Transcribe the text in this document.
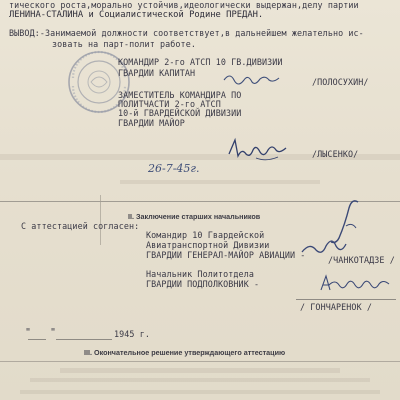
тического роста,морально устойчив,идеологически выдержан,делу партии
ЛЕНИНА-СТАЛИНА и Социалистической Родине ПРЕДАН.
ВЫВОД:-Занимаемой должности соответствует,в дальнейшем желательно ис-
зовать на парт-полит работе.
КОМАНДИР 2-го АТСП 10 ГВ.ДИВИЗИИ
ГВАРДИИ КАПИТАН
/ПОЛОСУХИН/
ЗАМЕСТИТЕЛЬ КОМАНДИРА ПО
ПОЛИТЧАСТИ 2-го АТСП
10-й ГВАРДЕЙСКОЙ ДИВИЗИИ
ГВАРДИИ МАЙОР
/ЛЫСЕНКО/
26-7-45г.
II. Заключение старших начальников
С аттестацией согласен:
Командир 10 Гвардейской
Авиатранспортной Дивизии
ГВАРДИИ ГЕНЕРАЛ-МАЙОР АВИАЦИИ -	/ЧАНКОТАДЗЕ /
Начальник Политотдела
ГВАРДИИ ПОДПОЛКОВНИК -
/ ГОНЧАРЕНОК /
" "	1945 г.
III. Окончательное решение утверждающего аттестацию
